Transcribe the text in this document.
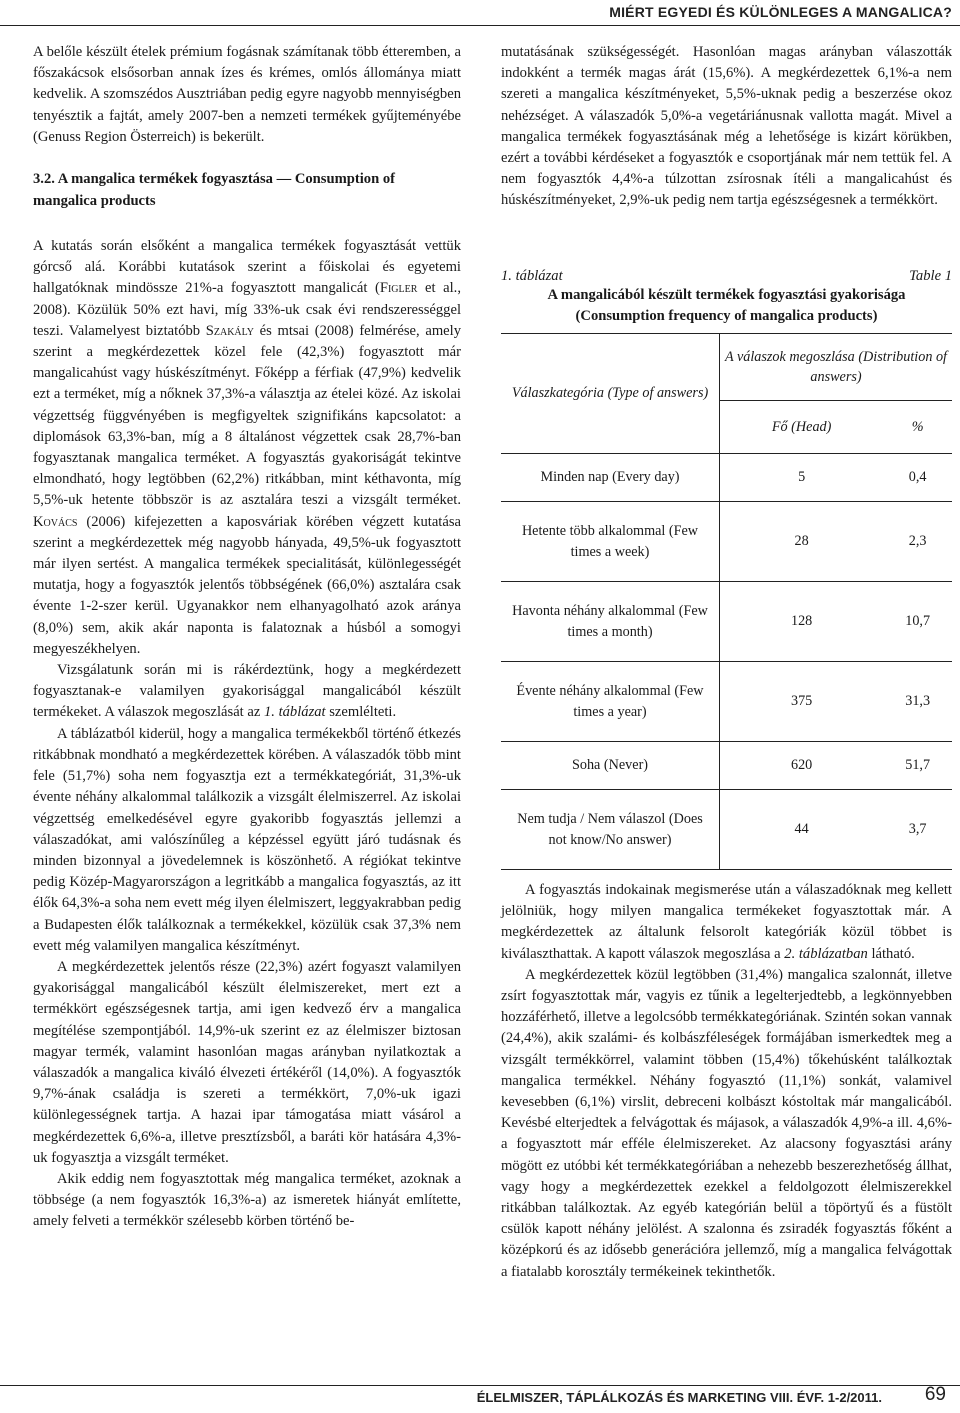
MIÉRT EGYEDI ÉS KÜLÖNLEGES A MANGALICA?

A belőle készült ételek prémium fogásnak számítanak több étteremben, a főszakácsok elsősorban annak ízes és krémes, omlós állománya miatt kedvelik. A szomszédos Ausztriában pedig egyre nagyobb mennyiségben tenyésztik a fajtát, amely 2007-ben a nemzeti termékek gyűjteményébe (Genuss Region Österreich) is bekerült.

3.2. A mangalica termékek fogyasztása — Consumption of mangalica products

A kutatás során elsőként a mangalica termékek fogyasztását vettük górcső alá. Korábbi kutatások szerint a főiskolai és egyetemi hallgatóknak mindössze 21%-a fogyasztott mangalicát (Figler et al., 2008). Közülük 50% ezt havi, míg 33%-uk csak évi rendszerességgel teszi. Valamelyest biztatóbb Szakály és mtsai (2008) felmérése, amely szerint a megkérdezettek közel fele (42,3%) fogyasztott már mangalicahúst vagy húskészítményt. Főképp a férfiak (47,9%) kedvelik ezt a terméket, míg a nőknek 37,3%-a választja az ételei közé. Az iskolai végzettség függvényében is megfigyeltek szignifikáns kapcsolatot: a diplomások 63,3%-ban, míg a 8 általánost végzettek csak 28,7%-ban fogyasztanak mangalica terméket. A fogyasztás gyakoriságát tekintve elmondható, hogy legtöbben (62,2%) ritkábban, mint kéthavonta, míg 5,5%-uk hetente többször is az asztalára teszi a vizsgált terméket. Kovács (2006) kifejezetten a kaposváriak körében végzett kutatása szerint a megkérdezettek még nagyobb hányada, 49,5%-uk fogyasztott már ilyen sertést. A mangalica termékek specialitását, különlegességét mutatja, hogy a fogyasztók jelentős többségének (66,0%) asztalára csak évente 1-2-szer kerül. Ugyanakkor nem elhanyagolható azok aránya (8,0%) sem, akik akár naponta is falatoznak a húsból a somogyi megyeszékhelyen.

Vizsgálatunk során mi is rákérdeztünk, hogy a megkérdezett fogyasztanak-e valamilyen gyakorisággal mangalicából készült termékeket. A válaszok megoszlását az 1. táblázat szemlélteti.

A táblázatból kiderül, hogy a mangalica termékekből történő étkezés ritkábbnak mondható a megkérdezettek körében. A válaszadók több mint fele (51,7%) soha nem fogyasztja ezt a termékkategóriát, 31,3%-uk évente néhány alkalommal találkozik a vizsgált élelmiszerrel. Az iskolai végzettség emelkedésével egyre gyakoribb fogyasztás jellemzi a válaszadókat, ami valószínűleg a képzéssel együtt járó tudásnak és minden bizonnyal a jövedelemnek is köszönhető. A régiókat tekintve pedig Közép-Magyarországon a legritkább a mangalica fogyasztás, az itt élők 64,3%-a soha nem evett még ilyen élelmiszert, leggyakrabban pedig a Budapesten élők találkoznak a termékekkel, közülük csak 37,3% nem evett még valamilyen mangalica készítményt.

A megkérdezettek jelentős része (22,3%) azért fogyaszt valamilyen gyakorisággal mangalicából készült élelmiszereket, mert ezt a termékkört egészségesnek tartja, ami igen kedvező érv a mangalica megítélése szempontjából. 14,9%-uk szerint ez az élelmiszer biztosan magyar termék, valamint hasonlóan magas arányban nyilatkoztak a válaszadók a mangalica kiváló élvezeti értékéről (14,0%). A fogyasztók 9,7%-ának családja is szereti a termékkört, 7,0%-uk igazi különlegességnek tartja. A hazai ipar támogatása miatt vásárol a megkérdezettek 6,6%-a, illetve presztízsből, a baráti kör hatására 4,3%-uk fogyasztja a vizsgált terméket.

Akik eddig nem fogyasztottak még mangalica terméket, azoknak a többsége (a nem fogyasztók 16,3%-a) az ismeretek hiányát említette, amely felveti a termékkör szélesebb körben történő be-

mutatásának szükségességét. Hasonlóan magas arányban válaszották indokként a termék magas árát (15,6%). A megkérdezettek 6,1%-a nem szereti a mangalica készítményeket, 5,5%-uknak pedig a beszerzése okoz nehézséget. A válaszadók 5,0%-a vegetáriánusnak vallotta magát. Mivel a mangalica termékek fogyasztásának még a lehetősége is kizárt körükben, ezért a további kérdéseket a fogyasztók e csoportjának már nem tettük fel. A nem fogyasztók 4,4%-a túlzottan zsírosnak ítéli a mangalicahúst és húskészítményeket, 2,9%-uk pedig nem tartja egészségesnek a termékkört.

1. táblázat	Table 1
A mangalicából készült termékek fogyasztási gyakorisága
(Consumption frequency of mangalica products)
Válaszkategória (Type of answers)	A válaszok megoszlása (Distribution of answers)	
	Fő (Head)	%
Minden nap (Every day)	5	0,4
Hetente több alkalommal (Few times a week)	28	2,3
Havonta néhány alkalommal (Few times a month)	128	10,7
Évente néhány alkalommal (Few times a year)	375	31,3
Soha (Never)	620	51,7
Nem tudja / Nem válaszol (Does not know/No answer)	44	3,7

A fogyasztás indokainak megismerése után a válaszadóknak meg kellett jelölniük, hogy milyen mangalica termékeket fogyasztottak már. A megkérdezettek az általunk felsorolt kategóriák közül többet is kiválaszthattak. A kapott válaszok megoszlása a 2. táblázatban látható.

A megkérdezettek közül legtöbben (31,4%) mangalica szalonnát, illetve zsírt fogyasztottak már, vagyis ez tűnik a legelterjedtebb, a legkönnyebben hozzáférhető, illetve a legolcsóbb termékkategóriának. Szintén sokan vannak (24,4%), akik szalámi- és kolbászféleségek formájában ismerkedtek meg a vizsgált termékkörrel, valamint többen (15,4%) tőkehúsként találkoztak mangalica termékkel. Néhány fogyasztó (11,1%) sonkát, valamivel kevesebben (6,1%) virslit, debreceni kolbászt kóstoltak már mangalicából. Kevésbé elterjedtek a felvágottak és májasok, a válaszadók 4,9%-a ill. 4,6%-a fogyasztott már efféle élelmiszereket. Az alacsony fogyasztási arány mögött ez utóbbi két termékkategóriában a nehezebb beszerezhetőség állhat, vagy hogy a megkérdezettek ezekkel a feldolgozott élelmiszerekkel ritkábban találkoztak. Az egyéb kategórián belül a töpörtyű és a füstölt csülök kapott néhány jelölést. A szalonna és zsiradék fogyasztás főként a középkorú és az idősebb generációra jellemző, míg a mangalica felvágottak a fiatalabb korosztály termékeinek tekinthetők.

ÉLELMISZER, TÁPLÁLKOZÁS ÉS MARKETING VIII. ÉVF. 1-2/2011. 69
